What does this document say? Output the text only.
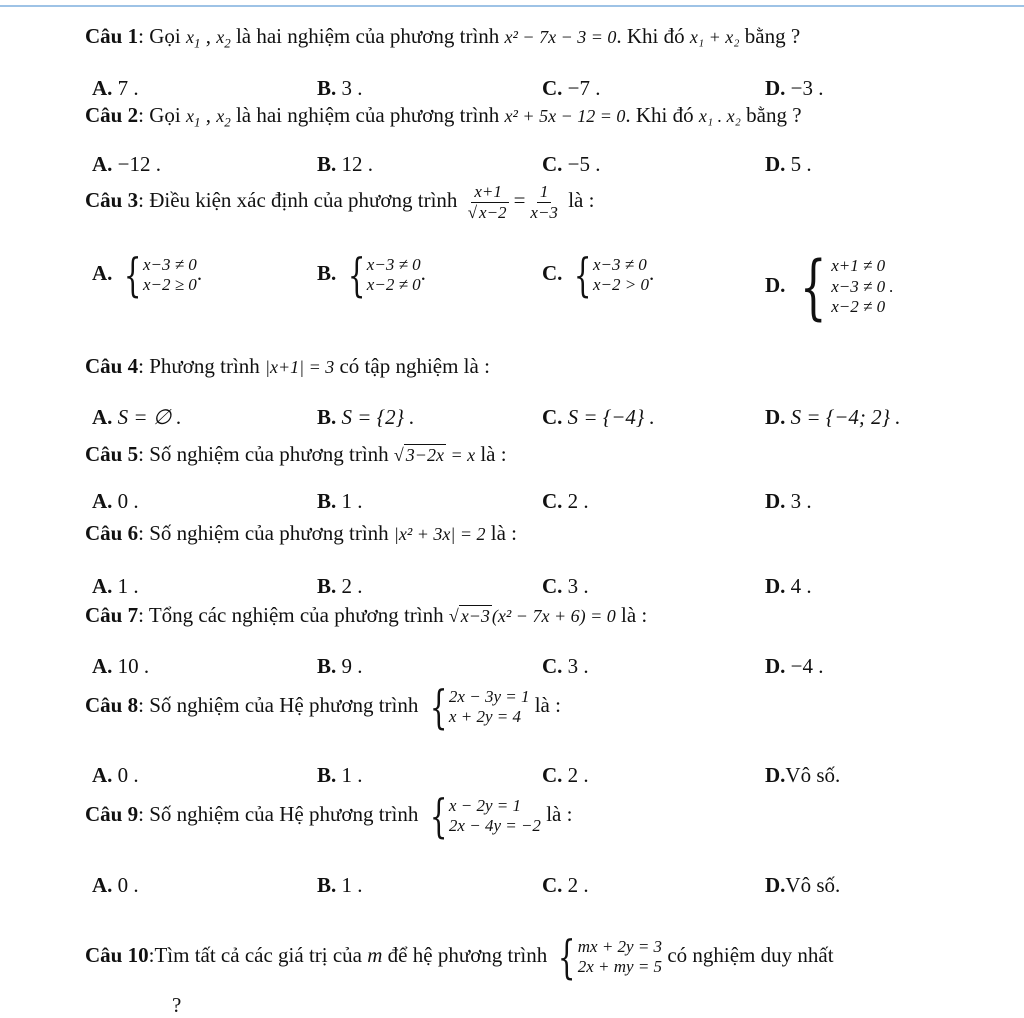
Câu 1: Gọi $x_1$ , $x_2$ là hai nghiệm của phương trình x² − 7x − 3 = 0. Khi đó x₁ + x₂ bằng ?
A. 7 .	B. 3 .	C. −7 .	D. −3 .
Câu 2: Gọi $x_1$ , $x_2$ là hai nghiệm của phương trình x² + 5x − 12 = 0. Khi đó x₁ . x₂ bằng ?
A. −12 .	B. 12 .	C. −5 .	D. 5 .
Câu 3: Điều kiện xác định của phương trình $\frac{x+1}{√ x-2} = \frac{1}{x-3}$ là :
A. { x−3 ≠ 0
x−2 ≥ 0 .	B. { x−3 ≠ 0
x−2 ≠ 0 .	C. { x−3 ≠ 0
x−2 > 0 .	D. { x+1 ≠ 0
x−3 ≠ 0 .
x−2 ≠ 0
Câu 4: Phương trình |x+1| = 3 có tập nghiệm là :
A. S = ∅ .	B. S = {2} .	C. S = {−4} .	D. S = {−4; 2} .
Câu 5: Số nghiệm của phương trình √ 3−2x = x là :
A. 0 .	B. 1 .	C. 2 .	D. 3 .
Câu 6: Số nghiệm của phương trình |x² + 3x| = 2 là :
A. 1 .	B. 2 .	C. 3 .	D. 4 .
Câu 7: Tổng các nghiệm của phương trình √ x−3 (x² − 7x + 6) = 0 là :
A. 10 .	B. 9 .	C. 3 .	D. −4 .
Câu 8: Số nghiệm của Hệ phương trình { 2x − 3y = 1
x + 2y = 4 là :
A. 0 .	B. 1 .	C. 2 .	D.Vô số.
Câu 9: Số nghiệm của Hệ phương trình { x − 2y = 1
2x − 4y = −2 là :
A. 0 .	B. 1 .	C. 2 .	D.Vô số.
Câu 10:Tìm tất cả các giá trị của m để hệ phương trình { mx + 2y = 3
2x + my = 5 có nghiệm duy nhất
?
